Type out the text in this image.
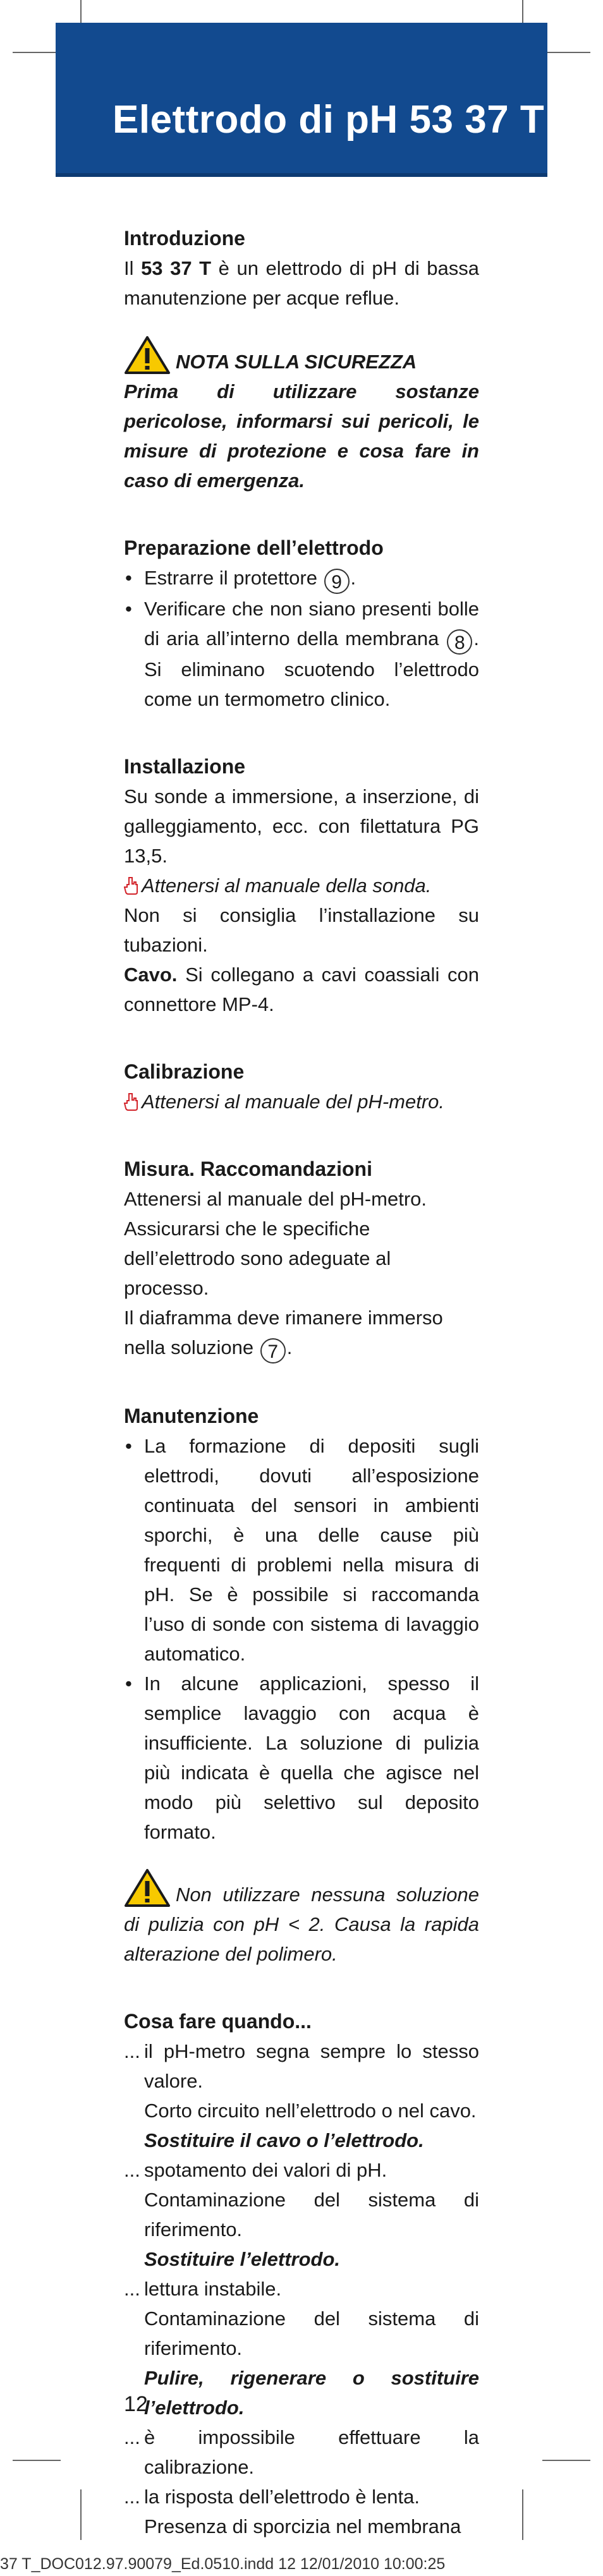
Elettrodo di pH 53 37 T
Introduzione

Il 53 37 T è un elettrodo di pH di bassa manutenzione per acque reflue.

NOTA SULLA SICUREZZA
Prima di utilizzare sostanze pericolose, informarsi sui pericoli, le misure di protezione e cosa fare in caso di emergenza.

Preparazione dell’elettrodo
• Estrarre il protettore 9 .
• Verificare che non siano presenti bolle di aria all’interno della membrana 8 . Si eliminano scuotendo l’elettrodo come un termometro clinico.
Installazione

Su sonde a immersione, a inserzione, di galleggiamento, ecc. con filettatura PG 13,5.

Attenersi al manuale della sonda.

Non si consiglia l’installazione su tubazioni.

Cavo. Si collegano a cavi coassiali con connettore MP-4.

Calibrazione

Attenersi al manuale del pH-metro.

Misura. Raccomandazioni

Attenersi al manuale del pH-metro.

Assicurarsi che le specifiche dell’elettrodo sono adeguate al processo.

Il diaframma deve rimanere immerso nella soluzione 7 .

Manutenzione
• La formazione di depositi sugli elettrodi, dovuti all’esposizione continuata del sensori in ambienti sporchi, è una delle cause più frequenti di problemi nella misura di pH. Se è possibile si raccomanda l’uso di sonde con sistema di lavaggio automatico.
• In alcune applicazioni, spesso il semplice lavaggio con acqua è insufficiente. La soluzione di pulizia più indicata è quella che agisce nel modo più selettivo sul deposito formato.

Non utilizzare nessuna soluzione di pulizia con pH < 2. Causa la rapida alterazione del polimero.

Cosa fare quando...
... il pH-metro segna sempre lo stesso valore.
Corto circuito nell’elettrodo o nel cavo.
Sostituire il cavo o l’elettrodo.
... spotamento dei valori di pH.
Contaminazione del sistema di riferimento.
Sostituire l’elettrodo.
... lettura instabile.
Contaminazione del sistema di riferimento.
Pulire, rigenerare o sostituire l’elettrodo.
... è impossibile effettuare la calibrazione.
... la risposta dell’elettrodo è lenta.
Presenza di sporcizia nel membrana
12
37 T_DOC012.97.90079_Ed.0510.indd 12 12/01/2010 10:00:25
